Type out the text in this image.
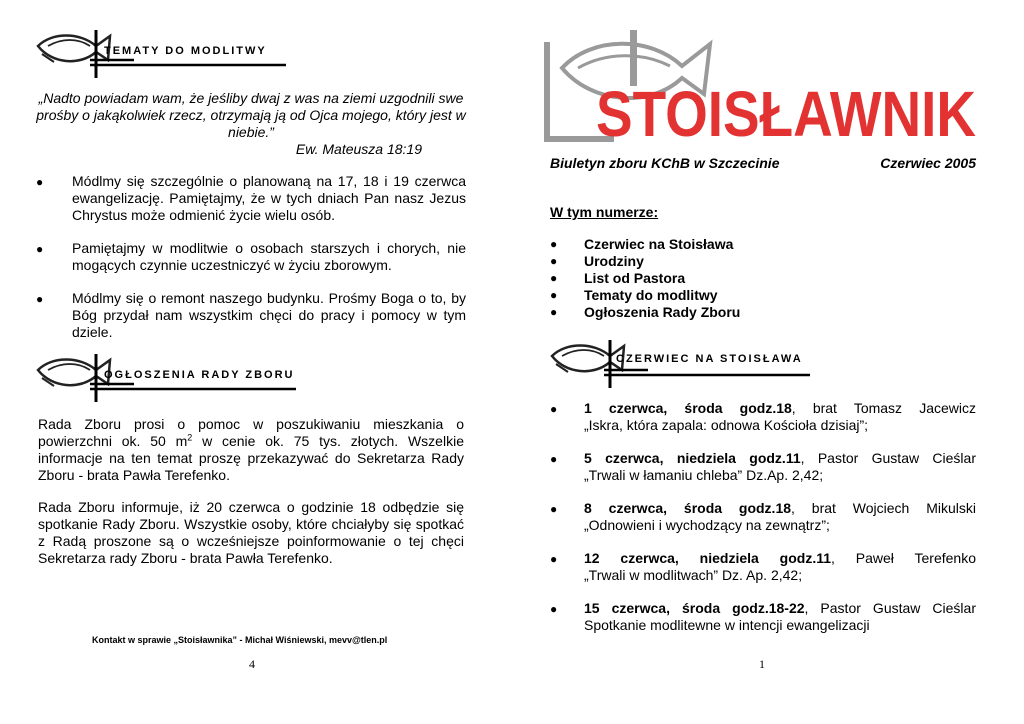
TEMATY DO MODLITWY
„Nadto powiadam wam, że jeśliby dwaj z was na ziemi uzgodnili swe prośby o jakąkolwiek rzecz, otrzymają ją od Ojca mojego, który jest w niebie.”
Ew. Mateusza 18:19
● Módlmy się szczególnie o planowaną na 17, 18 i 19 czerwca ewangelizację. Pamiętajmy, że w tych dniach Pan nasz Jezus Chrystus może odmienić życie wielu osób.
● Pamiętajmy w modlitwie o osobach starszych i chorych, nie mogących czynnie uczestniczyć w życiu zborowym.
● Módlmy się o remont naszego budynku. Prośmy Boga o to, by Bóg przydał nam wszystkim chęci do pracy i pomocy w tym dziele.
OGŁOSZENIA RADY ZBORU
Rada Zboru prosi o pomoc w poszukiwaniu mieszkania o powierzchni ok. 50 $m^2$ w cenie ok. 75 tys. złotych. Wszelkie informacje na ten temat proszę przekazywać do Sekretarza Rady Zboru - brata Pawła Terefenko.
Rada Zboru informuje, iż 20 czerwca o godzinie 18 odbędzie się spotkanie Rady Zboru. Wszystkie osoby, które chciałyby się spotkać z Radą proszone są o wcześniejsze poinformowanie o tej chęci Sekretarza rady Zboru - brata Pawła Terefenko.
Kontakt w sprawie „Stoisławnika” - Michał Wiśniewski, mevv@tlen.pl
4
STOISŁAWNIK
Biuletyn zboru KChB w Szczecinie	Czerwiec 2005
W tym numerze:
● Czerwiec na Stoisława
● Urodziny
● List od Pastora
● Tematy do modlitwy
● Ogłoszenia Rady Zboru
CZERWIEC NA STOISŁAWA
● 1 czerwca, środa godz.18, brat Tomasz Jacewicz
„Iskra, która zapala: odnowa Kościoła dzisiaj”;
● 5 czerwca, niedziela godz.11, Pastor Gustaw Cieślar
„Trwali w łamaniu chleba” Dz.Ap. 2,42;
● 8 czerwca, środa godz.18, brat Wojciech Mikulski
„Odnowieni i wychodzący na zewnątrz”;
● 12 czerwca, niedziela godz.11, Paweł Terefenko
„Trwali w modlitwach” Dz. Ap. 2,42;
● 15 czerwca, środa godz.18-22, Pastor Gustaw Cieślar
Spotkanie modlitewne w intencji ewangelizacji
1
